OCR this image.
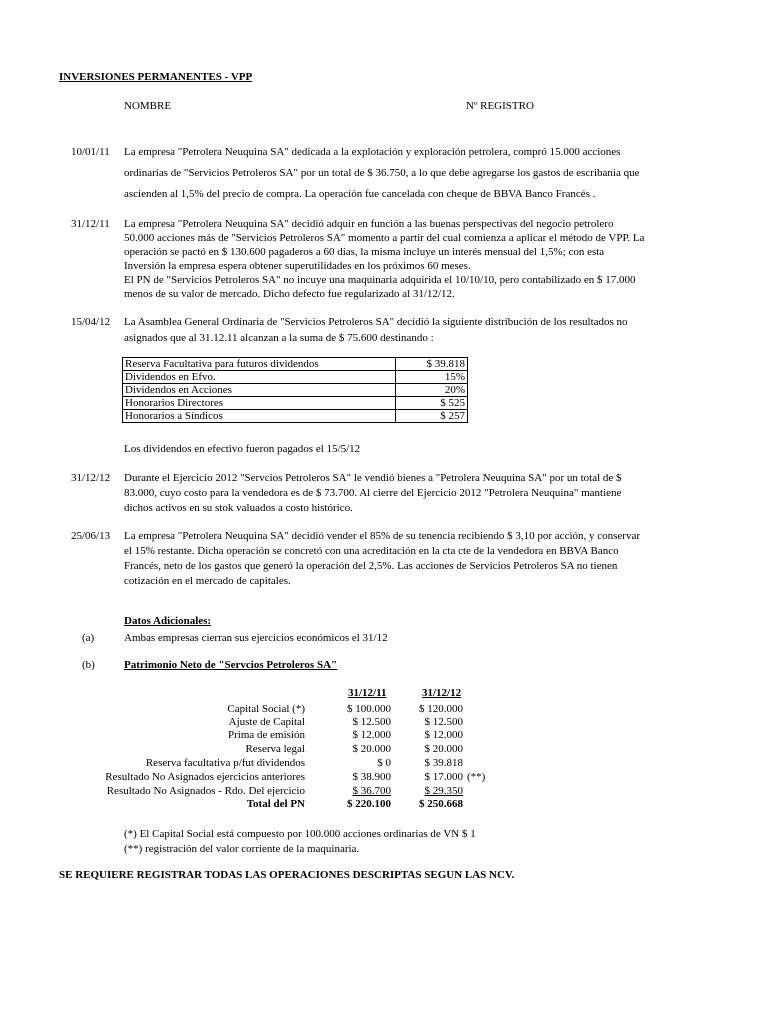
INVERSIONES PERMANENTES - VPP
NOMBRE	Nº REGISTRO
10/01/11 La empresa "Petrolera Neuquina SA" dedicada a la explotación y exploración petrolera, compró 15.000 acciones
ordinarias de "Servicios Petroleros SA" por un total de $ 36.750, a lo que debe agregarse los gastos de escribanía que
ascienden al 1,5% del precio de compra. La operación fue cancelada con cheque de BBVA Banco Francés .
31/12/11 La empresa "Petrolera Neuquina SA" decidió adquir en función a las buenas perspectivas del negocio petrolero
50.000 acciones más de "Servicios Petroleros SA" momento a partir del cual comienza a aplicar el método de VPP. La
operación se pactó en $ 130.600 pagaderos a 60 días, la misma incluye un interés mensual del 1,5%; con esta
Inversión la empresa espera obtener superutilidades en los próximos 60 meses.
El PN de "Servicios Petroleros SA" no incuye una maquinaria adquirida el 10/10/10, pero contabilizado en $ 17.000
menos de su valor de mercado. Dicho defecto fue regularizado al 31/12/12.
15/04/12 La Asamblea General Ordinaria de "Servicios Petroleros SA" decidió la siguiente distribución de los resultados no
asignados que al 31.12.11 alcanzan a la suma de $ 75.600 destinando :
Reserva Facultativa para futuros dividendos	$ 39.818
Dividendos en Efvo.	15%
Dividendos en Acciones	20%
Honorarios Directores	$ 525
Honorarios a Síndicos	$ 257
Los dividendos en efectivo fueron pagados el 15/5/12
31/12/12 Durante el Ejercicio 2012 "Servcios Petroleros SA" le vendió bienes a "Petrolera Neuquina SA" por un total de $
83.000, cuyo costo para la vendedora es de $ 73.700. Al cierre del Ejercicio 2012 "Petrolera Neuquina" mantiene
dichos activos en su stok valuados a costo histórico.
25/06/13 La empresa "Petrolera Neuquina SA" decidió vender el 85% de su tenencia recibiendo $ 3,10 por acción, y conservar
el 15% restante. Dicha operación se concretó con una acreditación en la cta cte de la vendedora en BBVA Banco
Francés, neto de los gastos que generó la operación del 2,5%. Las acciones de Servicios Petroleros SA no tienen
cotización en el mercado de capitales.
Datos Adicionales:
(a)	Ambas empresas cierran sus ejercicios económicos el 31/12
(b)	Patrimonio Neto de "Servcios Petroleros SA"
31/12/11	31/12/12
Capital Social (*)	$ 100.000	$ 120.000
Ajuste de Capital	$ 12.500	$ 12.500
Prima de emisión	$ 12.000	$ 12.000
Reserva legal	$ 20.000	$ 20.000
Reserva facultativa p/fut dividendos	$ 0	$ 39.818
Resultado No Asignados ejercicios anteriores	$ 38.900	$ 17.000 (**)
Resultado No Asignados - Rdo. Del ejercicio	$ 36.700	$ 29.350
Total del PN	$ 220.100	$ 250.668
(*) El Capital Social está compuesto por 100.000 acciones ordinarias de VN $ 1
(**) registración del valor corriente de la maquinaria.
SE REQUIERE REGISTRAR TODAS LAS OPERACIONES DESCRIPTAS SEGUN LAS NCV.
